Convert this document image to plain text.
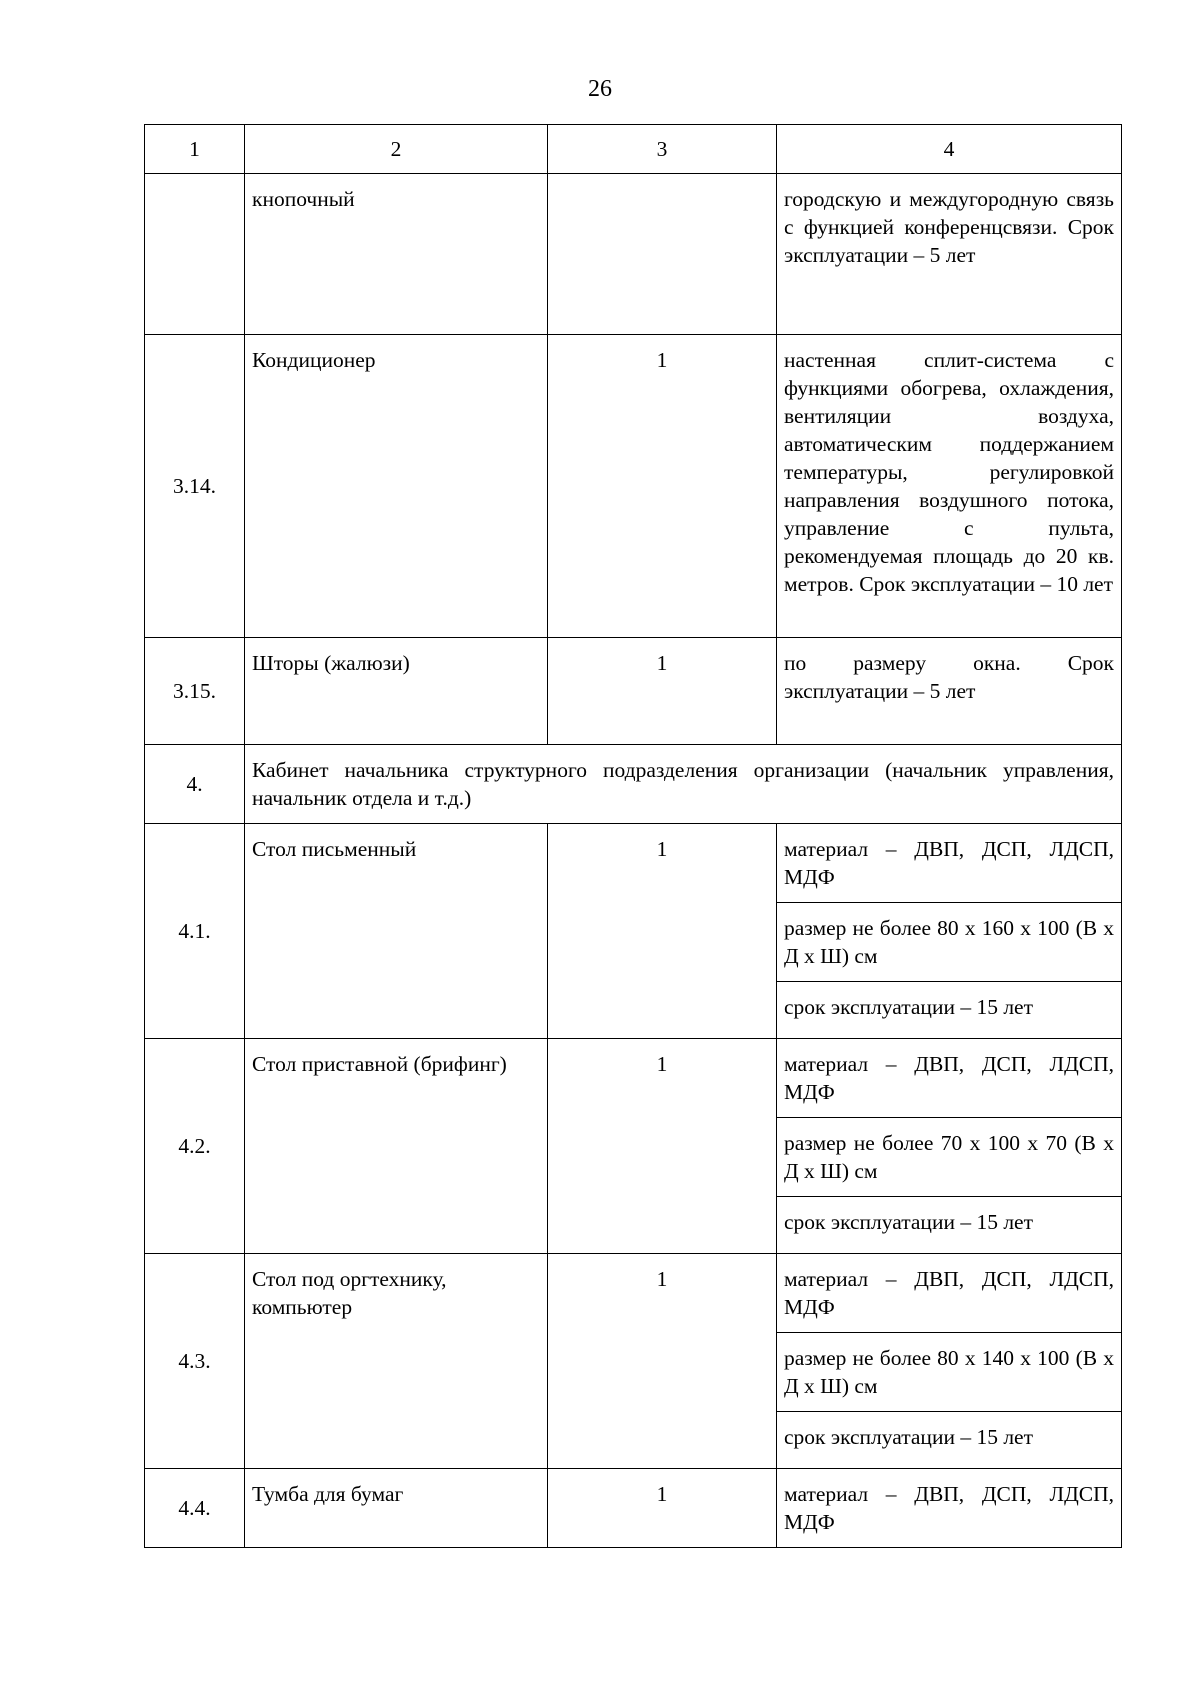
26
1	2	3	4
	кнопочный		городскую и междугородную связь с функцией конференцсвязи. Срок эксплуатации – 5 лет
3.14.	Кондиционер	1	настенная сплит-система с функциями обогрева, охлаждения, вентиляции воздуха, автоматическим поддержанием температуры, регулировкой направления воздушного потока, управление с пульта, рекомендуемая площадь до 20 кв. метров. Срок эксплуатации – 10 лет
3.15.	Шторы (жалюзи)	1	по размеру окна. Срок эксплуатации – 5 лет
4.	Кабинет начальника структурного подразделения организации (начальник управления, начальник отдела и т.д.)		
4.1.	Стол письменный	1	материал – ДВП, ДСП, ЛДСП, МДФ
			размер не более 80 х 160 х 100 (В х Д х Ш) см
			срок эксплуатации – 15 лет
4.2.	Стол приставной (брифинг)	1	материал – ДВП, ДСП, ЛДСП, МДФ
			размер не более 70 х 100 х 70 (В х Д х Ш) см
			срок эксплуатации – 15 лет
4.3.	Стол под оргтехнику, компьютер	1	материал – ДВП, ДСП, ЛДСП, МДФ
			размер не более 80 х 140 х 100 (В х Д х Ш) см
			срок эксплуатации – 15 лет
4.4.	Тумба для бумаг	1	материал – ДВП, ДСП, ЛДСП, МДФ
